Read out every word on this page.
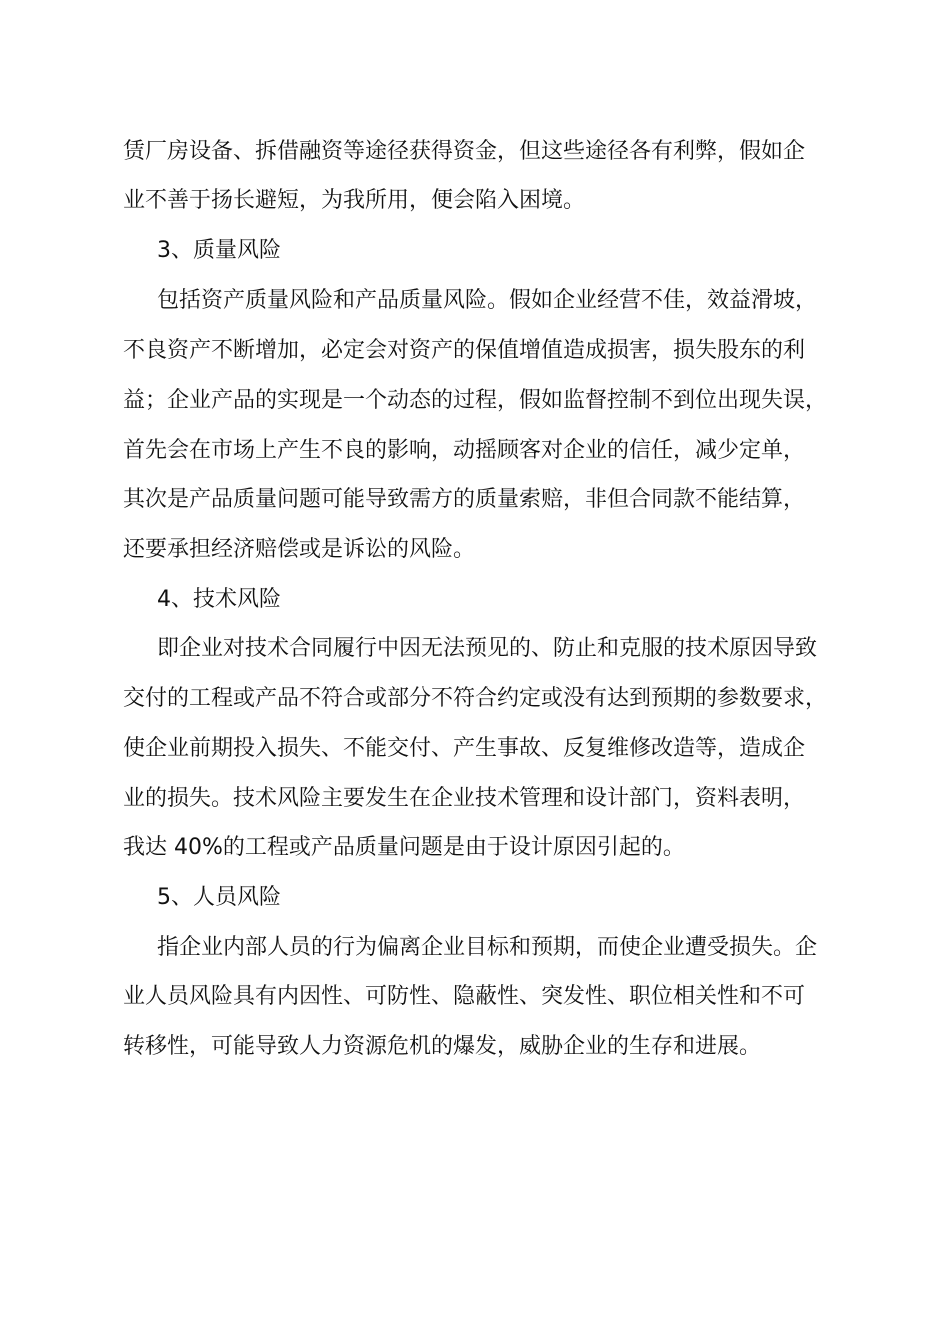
赁厂房设备、拆借融资等途径获得资金，但这些途径各有利弊，假如企
业不善于扬长避短，为我所用，便会陷入困境。
3、质量风险
包括资产质量风险和产品质量风险。假如企业经营不佳，效益滑坡，
不良资产不断增加，必定会对资产的保值增值造成损害，损失股东的利
益；企业产品的实现是一个动态的过程，假如监督控制不到位出现失误，
首先会在市场上产生不良的影响，动摇顾客对企业的信任，减少定单，
其次是产品质量问题可能导致需方的质量索赔，非但合同款不能结算，
还要承担经济赔偿或是诉讼的风险。
4、技术风险
即企业对技术合同履行中因无法预见的、防止和克服的技术原因导致
交付的工程或产品不符合或部分不符合约定或没有达到预期的参数要求，
使企业前期投入损失、不能交付、产生事故、反复维修改造等，造成企
业的损失。技术风险主要发生在企业技术管理和设计部门，资料表明，
我达 40%的工程或产品质量问题是由于设计原因引起的。
5、人员风险
指企业内部人员的行为偏离企业目标和预期，而使企业遭受损失。企
业人员风险具有内因性、可防性、隐蔽性、突发性、职位相关性和不可
转移性，可能导致人力资源危机的爆发，威胁企业的生存和进展。
